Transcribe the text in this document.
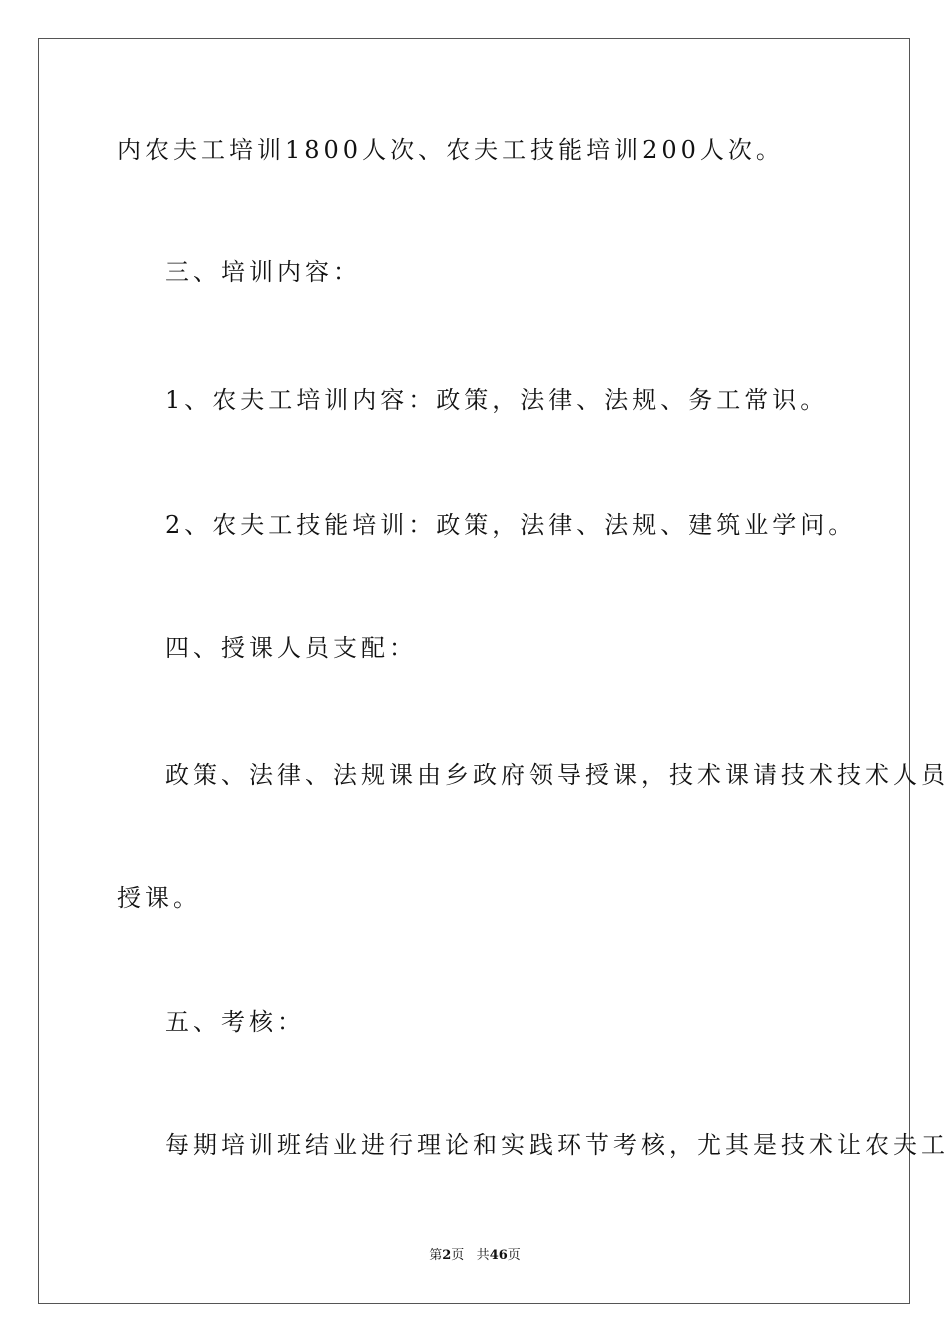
内农夫工培训1800人次、农夫工技能培训200人次。
三、培训内容：
1、农夫工培训内容：政策，法律、法规、务工常识。
2、农夫工技能培训：政策，法律、法规、建筑业学问。
四、授课人员支配：
政策、法律、法规课由乡政府领导授课，技术课请技术技术人员
授课。
五、考核：
每期培训班结业进行理论和实践环节考核，尤其是技术让农夫工
第2页 共46页
